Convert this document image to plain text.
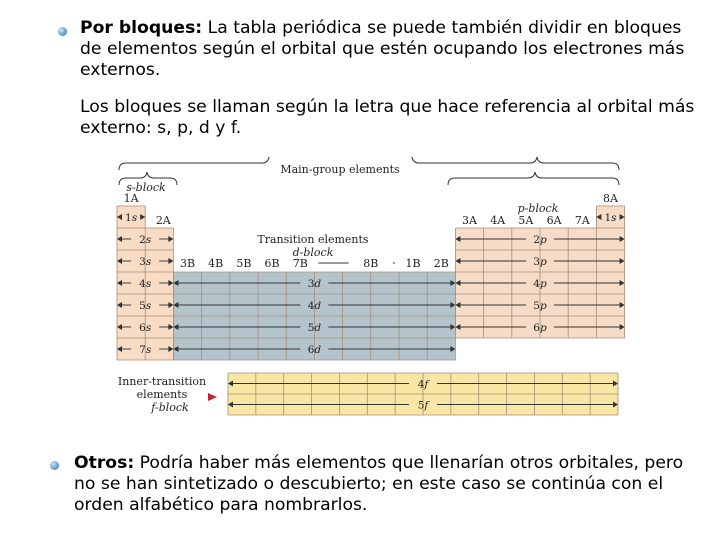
Por bloques: La tabla periódica se puede también dividir en bloques de elementos según el orbital que estén ocupando los electrones más externos.
Los bloques se llaman según la letra que hace referencia al orbital más externo: s, p, d y f.
Otros: Podría haber más elementos que llenarían otros orbitales, pero no se han sintetizado o descubierto; en este caso se continúa con el orden alfabético para nombrarlos.
1s
2s
3s
4s
5s
6s
7s
3d
4d
5d
6d
2p
3p
4p
5p
6p
1s
4f
5f
1A
2A
3B 4B 5B 6B 7B	8B 1B 2B
3A 4A 5A 6A 7A
8A
Main-group elements
s-block
p-block
Transition elements
d-block
Inner-transition
elements
f-block
